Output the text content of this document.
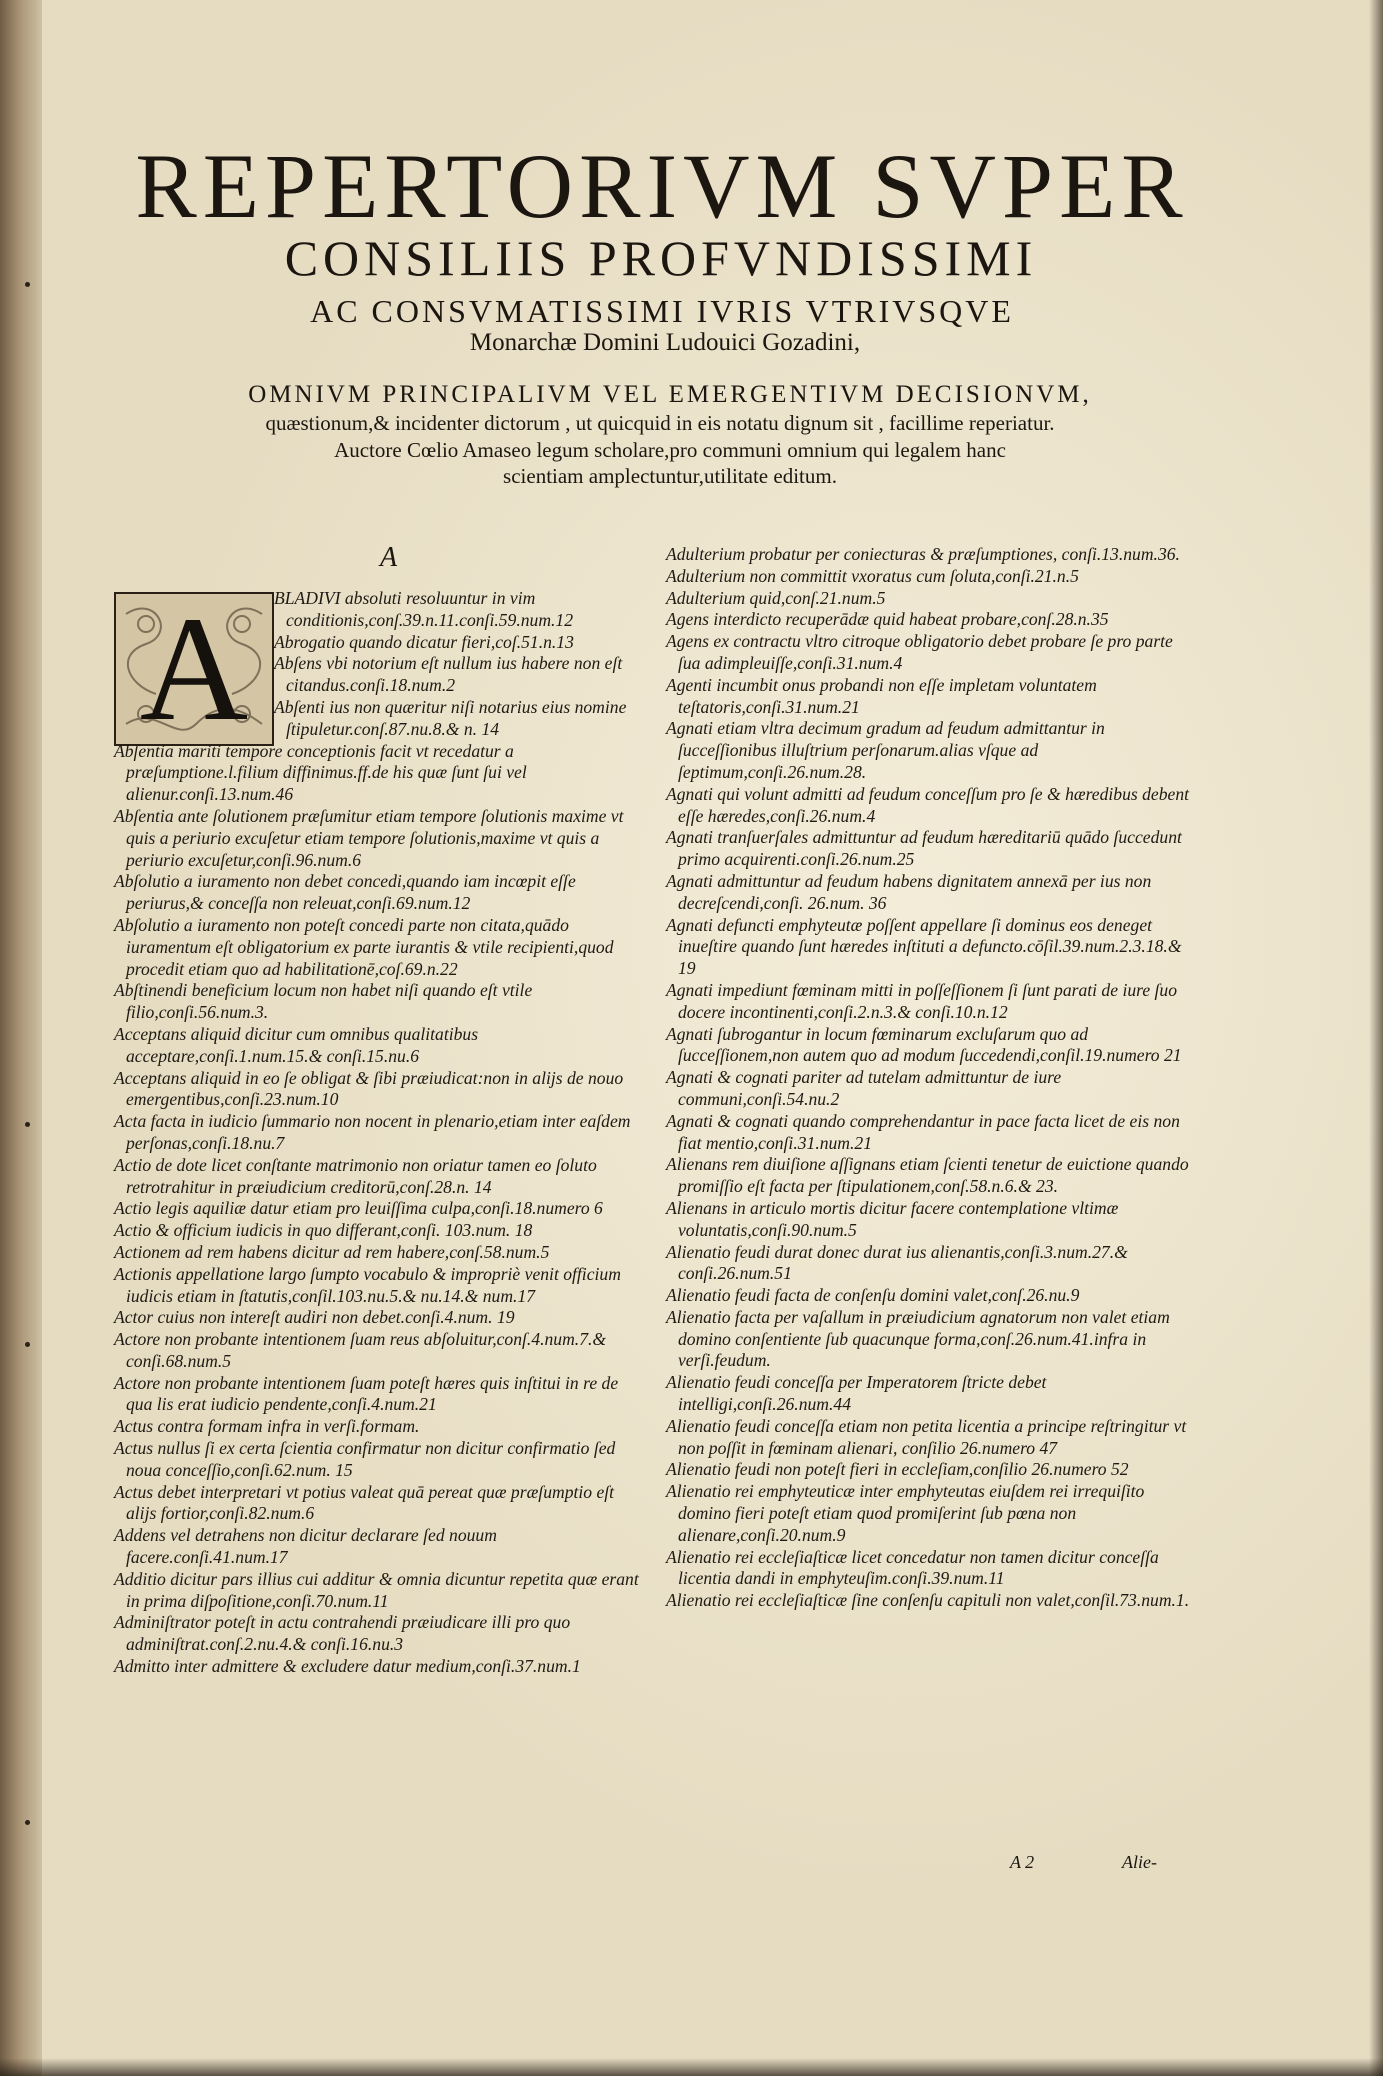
REPERTORIVM SVPER
CONSILIIS PROFVNDISSIMI
AC CONSVMATISSIMI IVRIS VTRIVSQVE
Monarchæ Domini Ludouici Gozadini,
OMNIVM PRINCIPALIVM VEL EMERGENTIVM DECISIONVM,
quæstionum,& incidenter dictorum , ut quicquid in eis notatu dignum sit , facillime reperiatur.
Auctore Cœlio Amaseo legum scholare,pro communi omnium qui legalem hanc
scientiam amplectuntur,utilitate editum.
A
A	BLADIVI absoluti resoluuntur in vim conditionis,conſ.39.n.11.conſi.59.num.12

Abrogatio quando dicatur fieri,coſ.51.n.13

Abſens vbi notorium eſt nullum ius habere non eſt citandus.conſi.18.num.2

Abſenti ius non quæritur niſi notarius eius nomine ſtipuletur.conſ.87.nu.8.& n. 14

Abſentia mariti tempore conceptionis facit vt recedatur a præſumptione.l.filium diffinimus.ff.de his quæ ſunt ſui vel alienur.conſi.13.num.46

Abſentia ante ſolutionem præſumitur etiam tempore ſolutionis maxime vt quis a periurio excuſetur etiam tempore ſolutionis,maxime vt quis a periurio excuſetur,conſi.96.num.6

Abſolutio a iuramento non debet concedi,quando iam incœpit eſſe periurus,& conceſſa non releuat,conſi.69.num.12

Abſolutio a iuramento non poteſt concedi parte non citata,quādo iuramentum eſt obligatorium ex parte iurantis & vtile recipienti,quod procedit etiam quo ad habilitationē,coſ.69.n.22

Abſtinendi beneficium locum non habet niſi quando eſt vtile filio,conſi.56.num.3.

Acceptans aliquid dicitur cum omnibus qualitatibus acceptare,conſi.1.num.15.& conſi.15.nu.6

Acceptans aliquid in eo ſe obligat & ſibi præiudicat:non in alijs de nouo emergentibus,conſi.23.num.10

Acta facta in iudicio ſummario non nocent in plenario,etiam inter eaſdem perſonas,conſi.18.nu.7

Actio de dote licet conſtante matrimonio non oriatur tamen eo ſoluto retrotrahitur in præiudicium creditorū,conſ.28.n. 14

Actio legis aquiliæ datur etiam pro leuiſſima culpa,conſi.18.numero 6

Actio & officium iudicis in quo differant,conſi. 103.num. 18

Actionem ad rem habens dicitur ad rem habere,conſ.58.num.5

Actionis appellatione largo ſumpto vocabulo & impropriè venit officium iudicis etiam in ſtatutis,conſil.103.nu.5.& nu.14.& num.17

Actor cuius non intereſt audiri non debet.conſi.4.num. 19

Actore non probante intentionem ſuam reus abſoluitur,conſ.4.num.7.& conſi.68.num.5

Actore non probante intentionem ſuam poteſt hæres quis inſtitui in re de qua lis erat iudicio pendente,conſi.4.num.21

Actus contra formam infra in verſi.formam.

Actus nullus ſi ex certa ſcientia confirmatur non dicitur confirmatio ſed noua conceſſio,conſi.62.num. 15

Actus debet interpretari vt potius valeat quā pereat quæ præſumptio eſt alijs fortior,conſi.82.num.6

Addens vel detrahens non dicitur declarare ſed nouum facere.conſi.41.num.17

Additio dicitur pars illius cui additur & omnia dicuntur repetita quæ erant in prima diſpoſitione,conſi.70.num.11

Adminiſtrator poteſt in actu contrahendi præiudicare illi pro quo adminiſtrat.conſ.2.nu.4.& conſi.16.nu.3

Admitto inter admittere & excludere datur medium,conſi.37.num.1

Adulterium probatur per coniecturas & præſumptiones, conſi.13.num.36.

Adulterium non committit vxoratus cum ſoluta,conſi.21.n.5

Adulterium quid,conſ.21.num.5

Agens interdicto recuperādæ quid habeat probare,conſ.28.n.35

Agens ex contractu vltro citroque obligatorio debet probare ſe pro parte ſua adimpleuiſſe,conſi.31.num.4

Agenti incumbit onus probandi non eſſe impletam voluntatem teſtatoris,conſi.31.num.21

Agnati etiam vltra decimum gradum ad feudum admittantur in ſucceſſionibus illuſtrium perſonarum.alias vſque ad ſeptimum,conſi.26.num.28.

Agnati qui volunt admitti ad feudum conceſſum pro ſe & hæredibus debent eſſe hæredes,conſi.26.num.4

Agnati tranſuerſales admittuntur ad feudum hæreditariū quādo ſuccedunt primo acquirenti.conſi.26.num.25

Agnati admittuntur ad feudum habens dignitatem annexā per ius non decreſcendi,conſi. 26.num. 36

Agnati defuncti emphyteutæ poſſent appellare ſi dominus eos deneget inueſtire quando ſunt hæredes inſtituti a defuncto.cōſil.39.num.2.3.18.& 19

Agnati impediunt fœminam mitti in poſſeſſionem ſi ſunt parati de iure ſuo docere incontinenti,conſi.2.n.3.& conſi.10.n.12

Agnati ſubrogantur in locum fœminarum excluſarum quo ad ſucceſſionem,non autem quo ad modum ſuccedendi,conſil.19.numero 21

Agnati & cognati pariter ad tutelam admittuntur de iure communi,conſi.54.nu.2

Agnati & cognati quando comprehendantur in pace facta licet de eis non fiat mentio,conſi.31.num.21

Alienans rem diuiſione aſſignans etiam ſcienti tenetur de euictione quando promiſſio eſt facta per ſtipulationem,conſ.58.n.6.& 23.

Alienans in articulo mortis dicitur facere contemplatione vltimæ voluntatis,conſi.90.num.5

Alienatio feudi durat donec durat ius alienantis,conſi.3.num.27.& conſi.26.num.51

Alienatio feudi facta de conſenſu domini valet,conſ.26.nu.9

Alienatio facta per vaſallum in præiudicium agnatorum non valet etiam domino conſentiente ſub quacunque forma,conſ.26.num.41.infra in verſi.feudum.

Alienatio feudi conceſſa per Imperatorem ſtricte debet intelligi,conſi.26.num.44

Alienatio feudi conceſſa etiam non petita licentia a principe reſtringitur vt non poſſit in fœminam alienari, conſilio 26.numero 47

Alienatio feudi non poteſt fieri in eccleſiam,conſilio 26.numero 52

Alienatio rei emphyteuticæ inter emphyteutas eiuſdem rei irrequiſito domino fieri poteſt etiam quod promiſerint ſub pœna non alienare,conſi.20.num.9

Alienatio rei eccleſiaſticæ licet concedatur non tamen dicitur conceſſa licentia dandi in emphyteuſim.conſi.39.num.11

Alienatio rei eccleſiaſticæ ſine conſenſu capituli non valet,conſil.73.num.1.

A 2	Alie-
